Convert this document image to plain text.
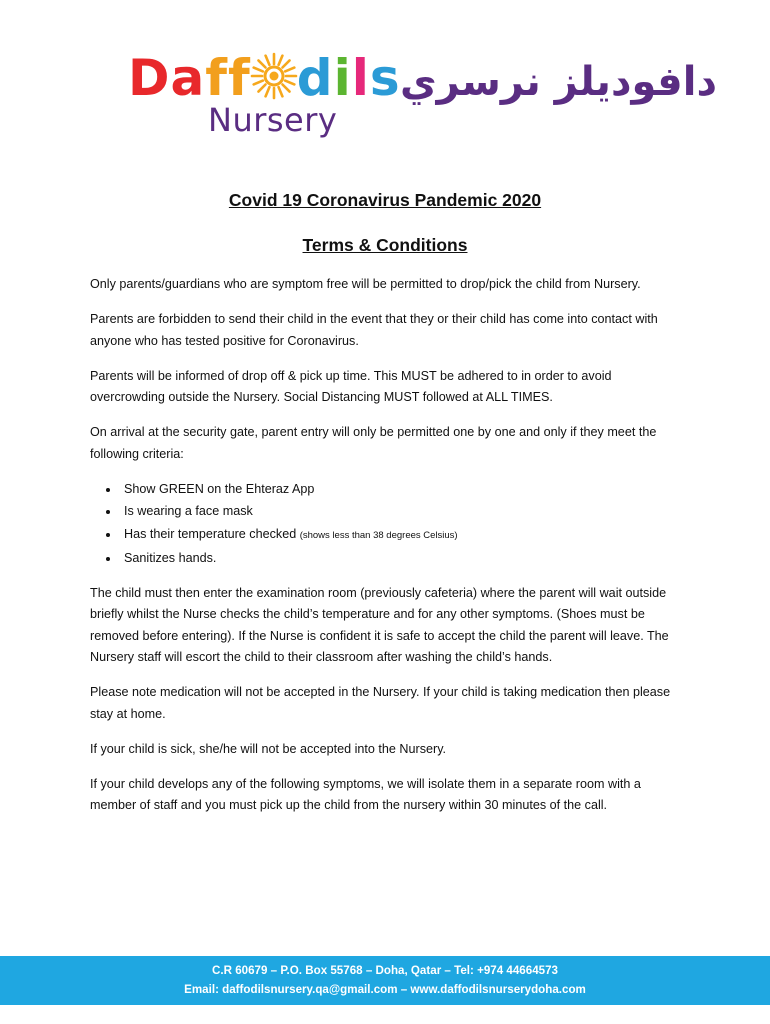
Daff dils
Nursery
دافوديلز نرسري
Covid 19 Coronavirus Pandemic 2020
Terms & Conditions

Only parents/guardians who are symptom free will be permitted to drop/pick the child from Nursery.

Parents are forbidden to send their child in the event that they or their child has come into contact with anyone who has tested positive for Coronavirus.

Parents will be informed of drop off & pick up time. This MUST be adhered to in order to avoid overcrowding outside the Nursery. Social Distancing MUST followed at ALL TIMES.

On arrival at the security gate, parent entry will only be permitted one by one and only if they meet the following criteria:

• Show GREEN on the Ehteraz App
• Is wearing a face mask
• Has their temperature checked (shows less than 38 degrees Celsius)
• Sanitizes hands.

The child must then enter the examination room (previously cafeteria) where the parent will wait outside briefly whilst the Nurse checks the child’s temperature and for any other symptoms. (Shoes must be removed before entering). If the Nurse is confident it is safe to accept the child the parent will leave. The Nursery staff will escort the child to their classroom after washing the child’s hands.

Please note medication will not be accepted in the Nursery. If your child is taking medication then please stay at home.

If your child is sick, she/he will not be accepted into the Nursery.

If your child develops any of the following symptoms, we will isolate them in a separate room with a member of staff and you must pick up the child from the nursery within 30 minutes of the call.

C.R 60679 – P.O. Box 55768 – Doha, Qatar – Tel: +974 44664573
Email: daffodilsnursery.qa@gmail.com – www.daffodilsnurserydoha.com
